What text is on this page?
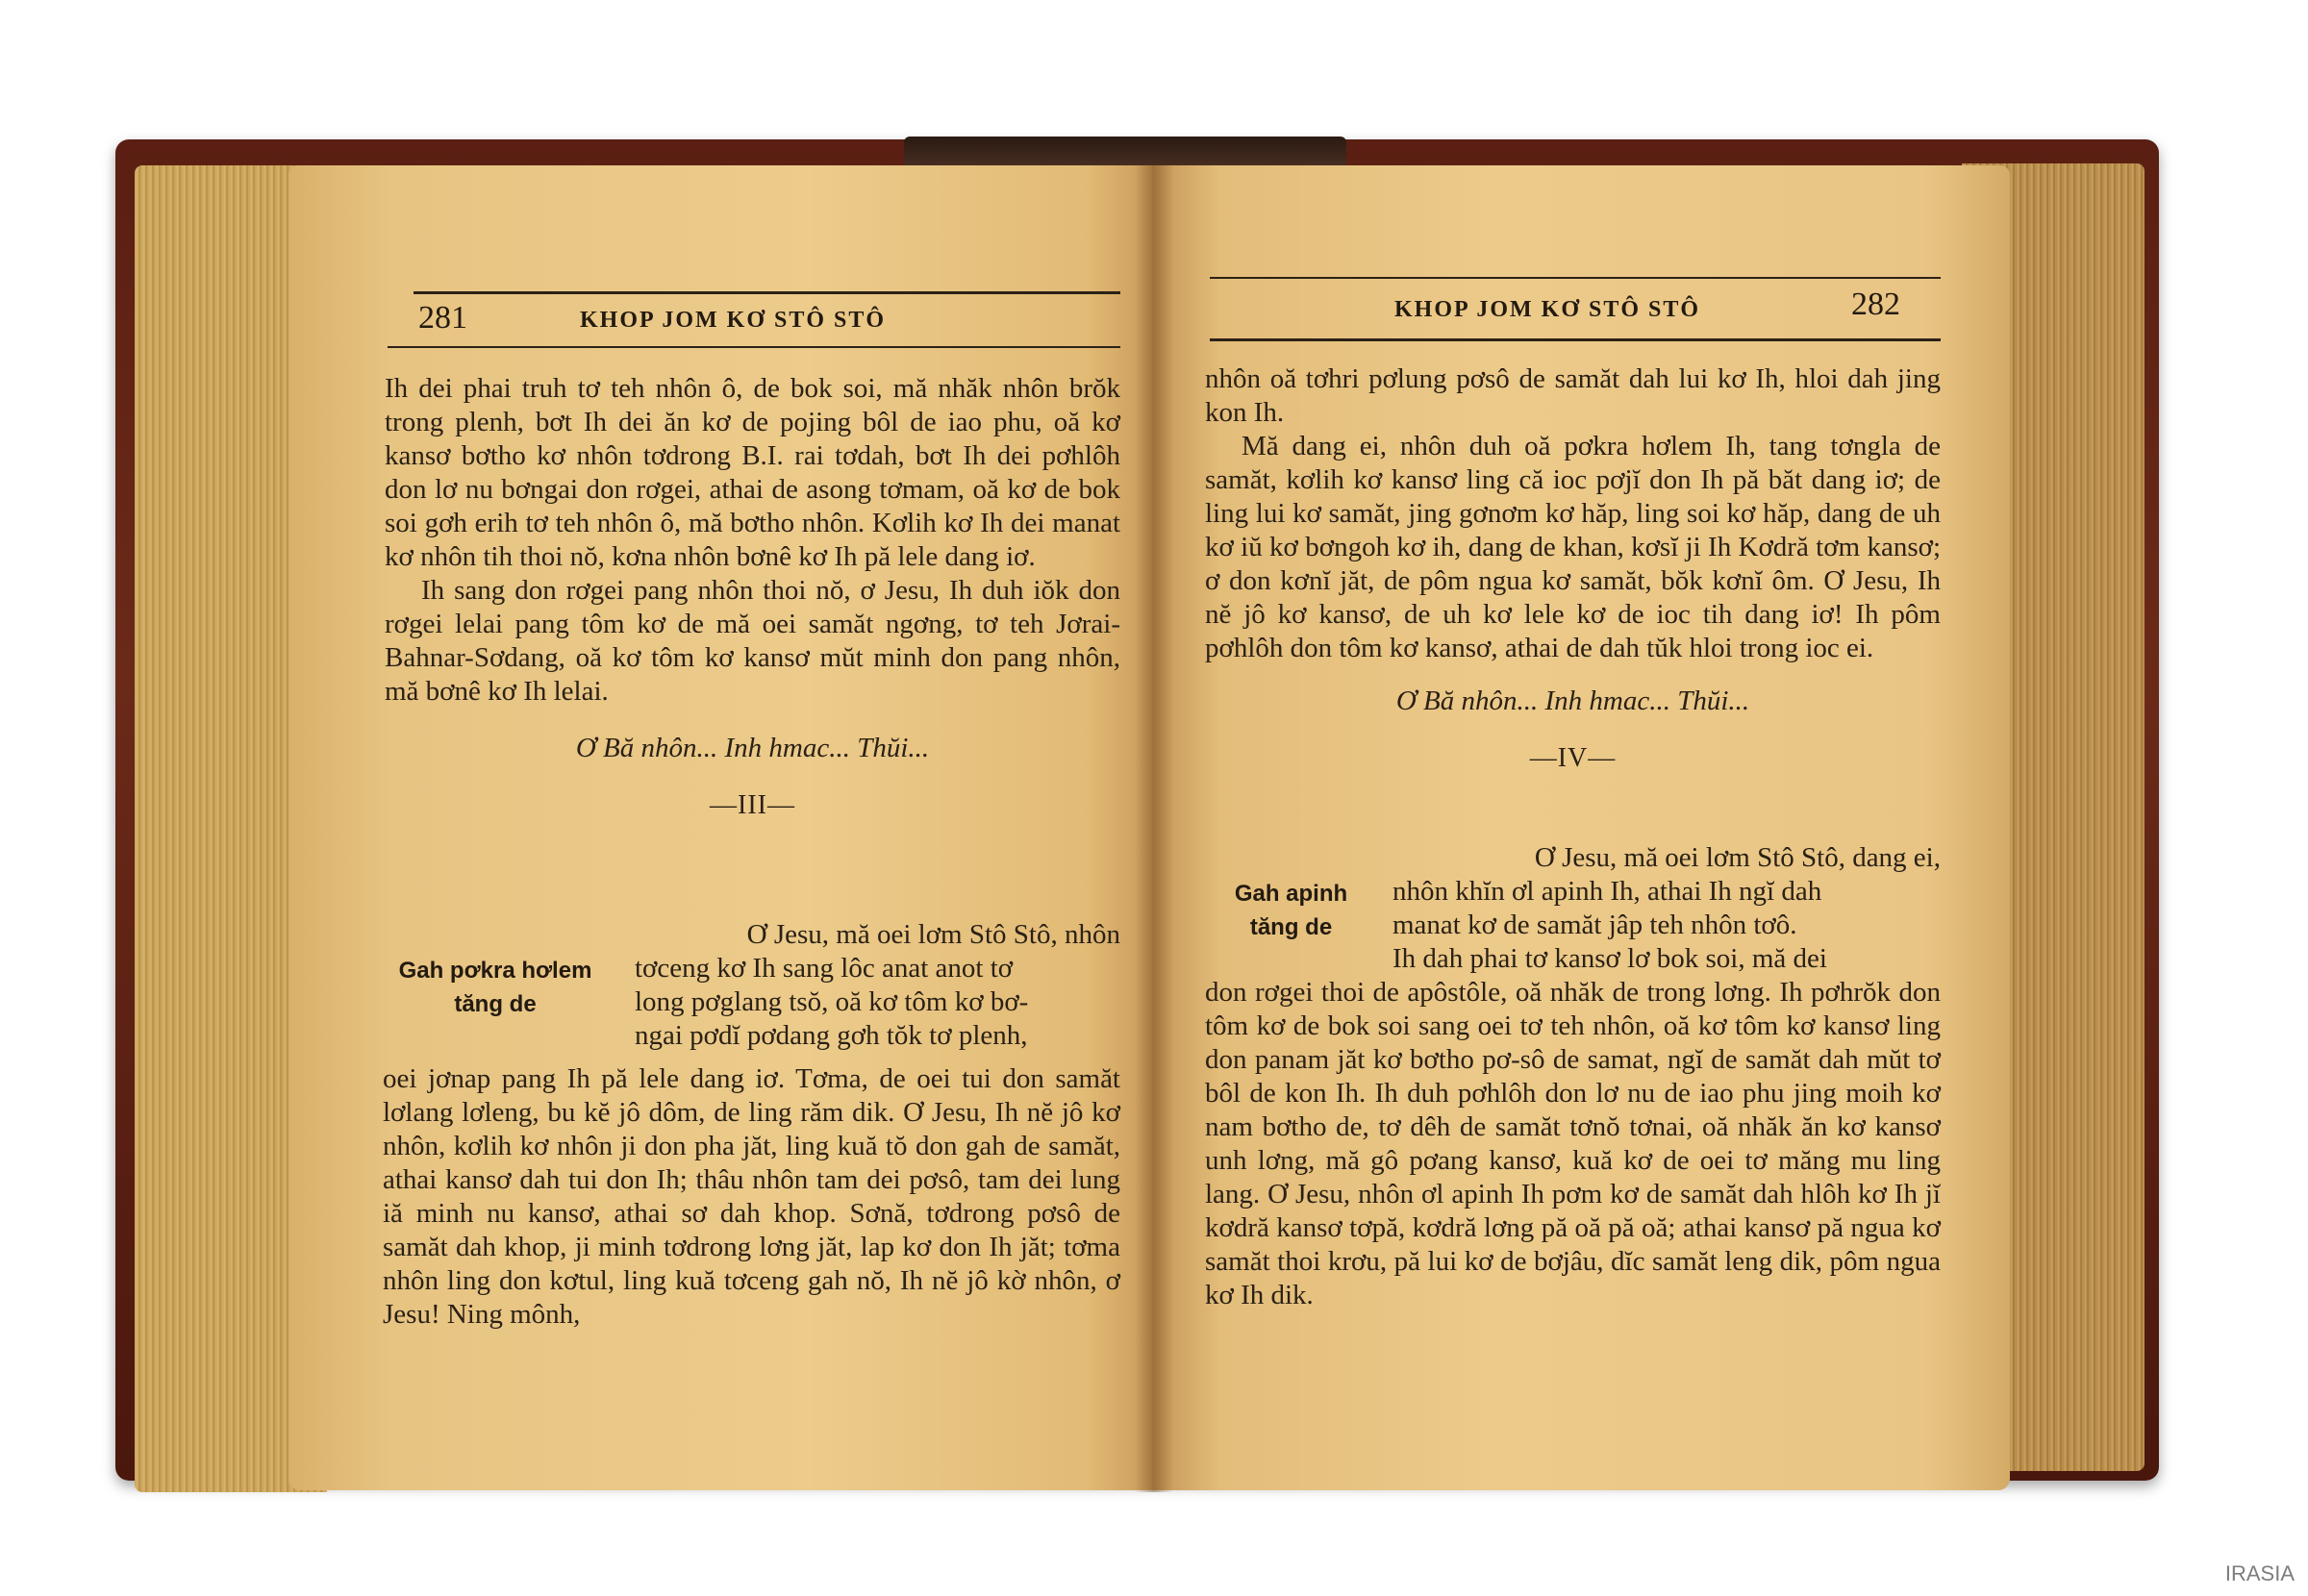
281	KHOP JOM KƠ STÔ STÔ

Ih dei phai truh tơ teh nhôn ô, de bok soi, mă nhăk nhôn brŏk trong plenh, bơt Ih dei ăn kơ de pojing bôl de iao phu, oă kơ kansơ bơtho kơ nhôn tơdrong B.I. rai tơdah, bơt Ih dei pơhlôh don lơ nu bơngai don rơgei, athai de asong tơmam, oă kơ de bok soi gơh erih tơ teh nhôn ô, mă bơtho nhôn. Kơlih kơ Ih dei manat kơ nhôn tih thoi nŏ, kơna nhôn bơnê kơ Ih pă lele dang iơ.

Ih sang don rơgei pang nhôn thoi nŏ, ơ Jesu, Ih duh iŏk don rơgei lelai pang tôm kơ de mă oei samăt ngơng, tơ teh Jơrai-Bahnar-Sơdang, oă kơ tôm kơ kansơ mŭt minh don pang nhôn, mă bơnê kơ Ih lelai.

Ơ Bă nhôn... Inh hmac... Thŭi...

—III—

Gah pơkra hơlem
tăng de
Ơ Jesu, mă oei lơm Stô Stô, nhôn
tơceng kơ Ih sang lôc anat anot tơ
long pơglang tsŏ, oă kơ tôm kơ bơ-
ngai pơdĭ pơdang gơh tŏk tơ plenh,

oei jơnap pang Ih pă lele dang iơ. Tơma, de oei tui don samăt lơlang lơleng, bu kĕ jô dôm, de ling răm dik. Ơ Jesu, Ih nĕ jô kơ nhôn, kơlih kơ nhôn ji don pha jăt, ling kuă tŏ don gah de samăt, athai kansơ dah tui don Ih; thâu nhôn tam dei pơsô, tam dei lung iă minh nu kansơ, athai sơ dah khop. Sơnă, tơdrong pơsô de samăt dah khop, ji minh tơdrong lơng jăt, lap kơ don Ih jăt; tơma nhôn ling don kơtul, ling kuă tơceng gah nŏ, Ih nĕ jô kờ nhôn, ơ Jesu! Ning mônh,

KHOP JOM KƠ STÔ STÔ	282

nhôn oă tơhri pơlung pơsô de samăt dah lui kơ Ih, hloi dah jing kon Ih.

Mă dang ei, nhôn duh oă pơkra hơlem Ih, tang tơngla de samăt, kơlih kơ kansơ ling că ioc pơjĭ don Ih pă băt dang iơ; de ling lui kơ samăt, jing gơnơm kơ hăp, ling soi kơ hăp, dang de uh kơ iŭ kơ bơngoh kơ ih, dang de khan, kơsĭ ji Ih Kơdră tơm kansơ; ơ don kơnĭ jăt, de pôm ngua kơ samăt, bŏk kơnĭ ôm. Ơ Jesu, Ih nĕ jô kơ kansơ, de uh kơ lele kơ de ioc tih dang iơ! Ih pôm pơhlôh don tôm kơ kansơ, athai de dah tŭk hloi trong ioc ei.

Ơ Bă nhôn... Inh hmac... Thŭi...

—IV—

Gah apinh
tăng de
Ơ Jesu, mă oei lơm Stô Stô, dang ei,
nhôn khĭn ơl apinh Ih, athai Ih ngĭ dah
manat kơ de samăt jâp teh nhôn tơô.
Ih dah phai tơ kansơ lơ bok soi, mă dei

don rơgei thoi de apôstôle, oă nhăk de trong lơng. Ih pơhrŏk don tôm kơ de bok soi sang oei tơ teh nhôn, oă kơ tôm kơ kansơ ling don panam jăt kơ bơtho pơ-sô de samat, ngĭ de samăt dah mŭt tơ bôl de kon Ih. Ih duh pơhlôh don lơ nu de iao phu jing moih kơ nam bơtho de, tơ dêh de samăt tơnŏ tơnai, oă nhăk ăn kơ kansơ unh lơng, mă gô pơang kansơ, kuă kơ de oei tơ măng mu ling lang. Ơ Jesu, nhôn ơl apinh Ih pơm kơ de samăt dah hlôh kơ Ih jĭ kơdră kansơ tơpă, kơdră lơng pă oă pă oă; athai kansơ pă ngua kơ samăt thoi krơu, pă lui kơ de bơjâu, dĭc samăt leng dik, pôm ngua kơ Ih dik.

IRASIA
